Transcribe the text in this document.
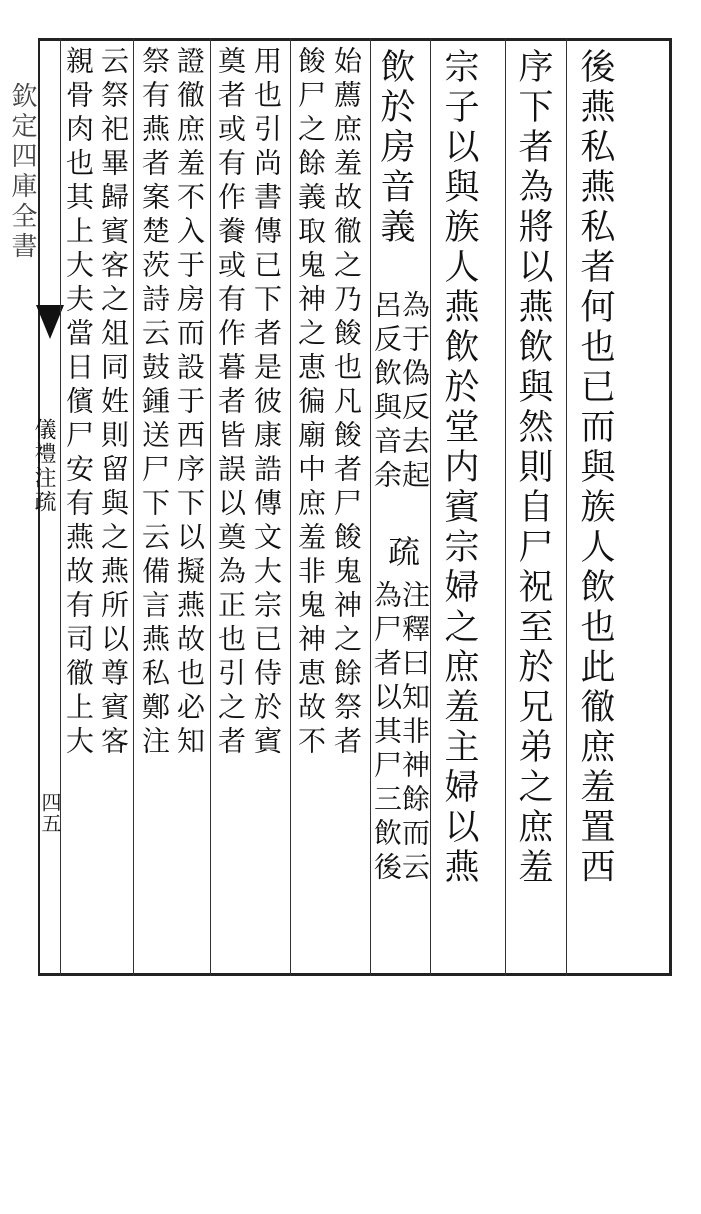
欽定四庫全書
儀禮注疏
四五	後燕私燕私者何也已而與族人飲也此徹庶羞置西
序下者為將以燕飲與然則自尸祝至於兄弟之庶羞
宗子以與族人燕飲於堂内賓宗婦之庶羞主婦以燕
飲於房音義
為于偽反去起
呂反飲與音余
疏
注釋曰知非神餘而云
為尸者以其尸三飲後
始薦庶羞故徹之乃餕也凡餕者尸餕鬼神之餘祭者
餕尸之餘義取鬼神之恵徧廟中庶羞非鬼神恵故不
用也引尚書傳已下者是彼康誥傳文大宗已侍於賓
奠者或有作餋或有作暮者皆誤以奠為正也引之者
證徹庶羞不入于房而設于西序下以擬燕故也必知
祭有燕者案楚茨詩云鼓鍾送尸下云備言燕私鄭注
云祭祀畢歸賓客之俎同姓則留與之燕所以尊賓客
親骨肉也其上大夫當日儐尸安有燕故有司徹上大
